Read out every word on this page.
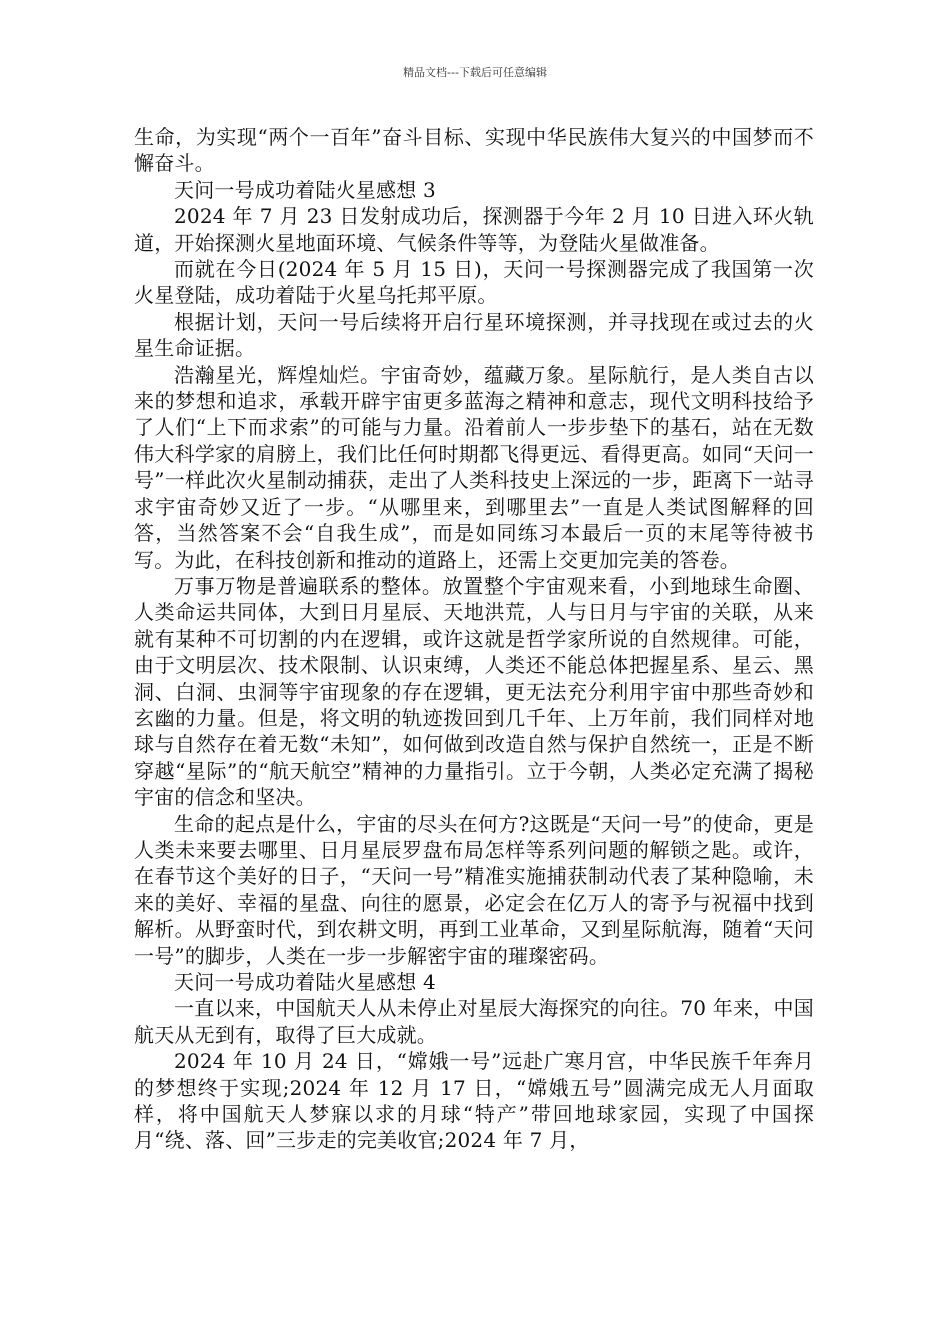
精品文档---下载后可任意编辑

生命，为实现“两个一百年”奋斗目标、实现中华民族伟大复兴的中国梦而不懈奋斗。

天问一号成功着陆火星感想 3

2024 年 7 月 23 日发射成功后，探测器于今年 2 月 10 日进入环火轨道，开始探测火星地面环境、气候条件等等，为登陆火星做准备。

而就在今日(2024 年 5 月 15 日)，天问一号探测器完成了我国第一次火星登陆，成功着陆于火星乌托邦平原。

根据计划，天问一号后续将开启行星环境探测，并寻找现在或过去的火星生命证据。

浩瀚星光，辉煌灿烂。宇宙奇妙，蕴藏万象。星际航行，是人类自古以来的梦想和追求，承载开辟宇宙更多蓝海之精神和意志，现代文明科技给予了人们“上下而求索”的可能与力量。沿着前人一步步垫下的基石，站在无数伟大科学家的肩膀上，我们比任何时期都飞得更远、看得更高。如同“天问一号”一样此次火星制动捕获，走出了人类科技史上深远的一步，距离下一站寻求宇宙奇妙又近了一步。“从哪里来，到哪里去”一直是人类试图解释的回答，当然答案不会“自我生成”，而是如同练习本最后一页的末尾等待被书写。为此，在科技创新和推动的道路上，还需上交更加完美的答卷。

万事万物是普遍联系的整体。放置整个宇宙观来看，小到地球生命圈、人类命运共同体，大到日月星辰、天地洪荒，人与日月与宇宙的关联，从来就有某种不可切割的内在逻辑，或许这就是哲学家所说的自然规律。可能，由于文明层次、技术限制、认识束缚，人类还不能总体把握星系、星云、黑洞、白洞、虫洞等宇宙现象的存在逻辑，更无法充分利用宇宙中那些奇妙和玄幽的力量。但是，将文明的轨迹拨回到几千年、上万年前，我们同样对地球与自然存在着无数“未知”，如何做到改造自然与保护自然统一，正是不断穿越“星际”的“航天航空”精神的力量指引。立于今朝，人类必定充满了揭秘宇宙的信念和坚决。

生命的起点是什么，宇宙的尽头在何方?这既是“天问一号”的使命，更是人类未来要去哪里、日月星辰罗盘布局怎样等系列问题的解锁之匙。或许，在春节这个美好的日子，“天问一号”精准实施捕获制动代表了某种隐喻，未来的美好、幸福的星盘、向往的愿景，必定会在亿万人的寄予与祝福中找到解析。从野蛮时代，到农耕文明，再到工业革命，又到星际航海，随着“天问一号”的脚步，人类在一步一步解密宇宙的璀璨密码。

天问一号成功着陆火星感想 4

一直以来，中国航天人从未停止对星辰大海探究的向往。70 年来，中国航天从无到有，取得了巨大成就。

2024 年 10 月 24 日，“嫦娥一号”远赴广寒月宫，中华民族千年奔月的梦想终于实现;2024 年 12 月 17 日，“嫦娥五号”圆满完成无人月面取样，将中国航天人梦寐以求的月球“特产”带回地球家园，实现了中国探月“绕、落、回”三步走的完美收官;2024 年 7 月，
